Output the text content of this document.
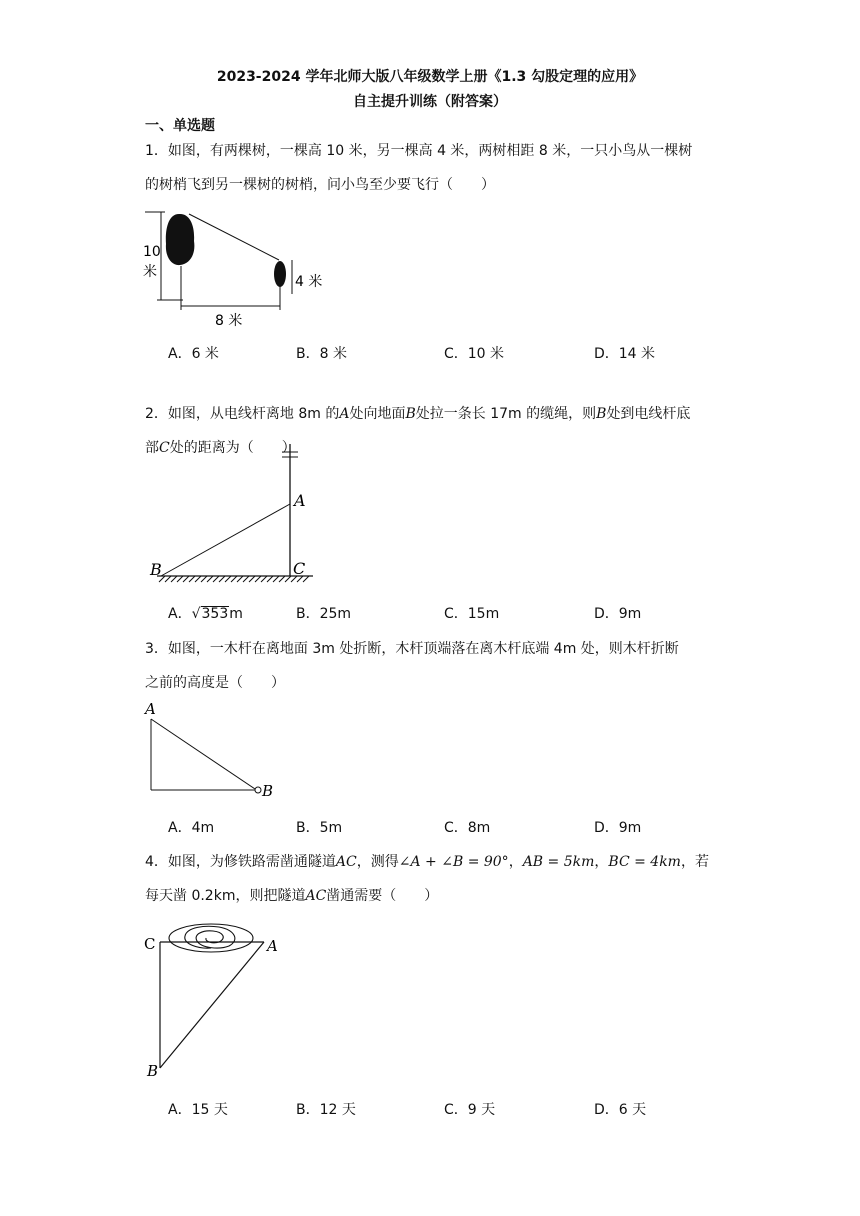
2023-2024 学年北师大版八年级数学上册《1.3 勾股定理的应用》
自主提升训练（附答案）
一、单选题
1．如图，有两棵树，一棵高 10 米，另一棵高 4 米，两树相距 8 米，一只小鸟从一棵树
的树梢飞到另一棵树的树梢，问小鸟至少要飞行（　　）
10
米
4 米
8 米
A．6 米	B．8 米	C．10 米	D．14 米
2．如图，从电线杆离地 8m 的A处向地面B处拉一条长 17m 的缆绳，则B处到电线杆底
部C处的距离为（　　）
A
B	C
A．√353m	B．25m	C．15m	D．9m
3．如图，一木杆在离地面 3m 处折断，木杆顶端落在离木杆底端 4m 处，则木杆折断
之前的高度是（　　）
A
B
A．4m	B．5m	C．8m	D．9m
4．如图，为修铁路需凿通隧道AC，测得∠A + ∠B = 90°，AB = 5km，BC = 4km，若
每天凿 0.2km，则把隧道AC凿通需要（　　）
C	A
B
A．15 天	B．12 天	C．9 天	D．6 天
